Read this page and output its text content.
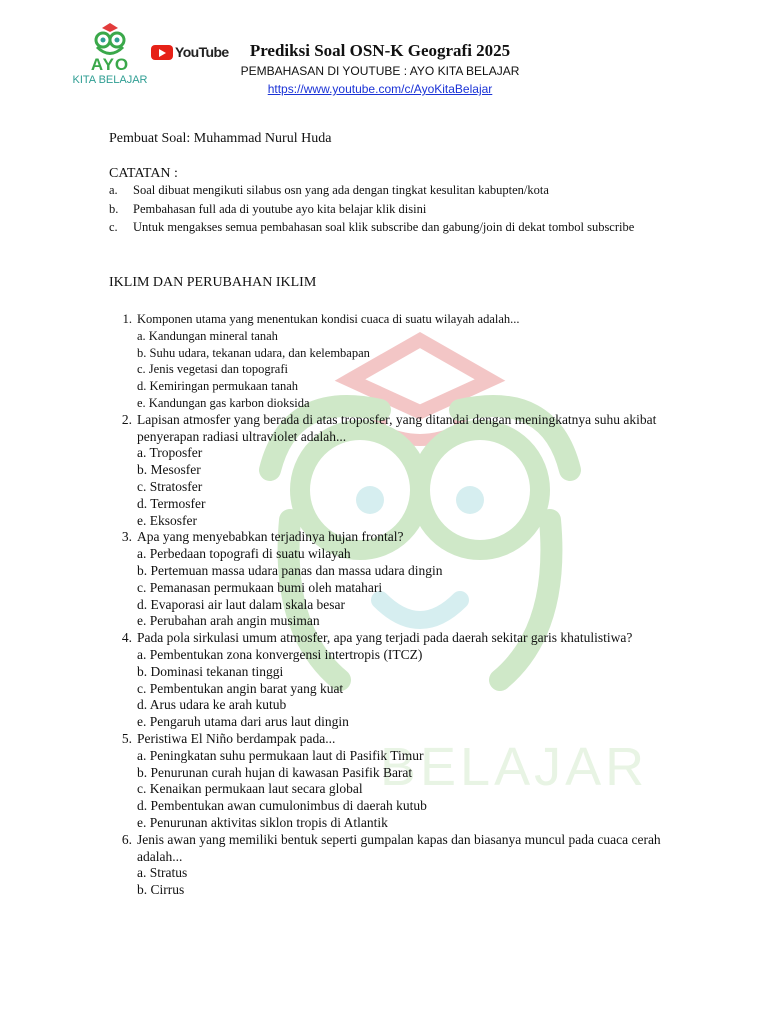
BELAJAR
AYO
KITA BELAJAR
YouTube	Prediksi Soal OSN-K Geografi 2025
PEMBAHASAN DI YOUTUBE : AYO KITA BELAJAR
https://www.youtube.com/c/AyoKitaBelajar
Pembuat Soal: Muhammad Nurul Huda
CATATAN :
a.	Soal dibuat mengikuti silabus osn yang ada dengan tingkat kesulitan kabupten/kota
b.	Pembahasan full ada di youtube ayo kita belajar klik disini
c.	Untuk mengakses semua pembahasan soal klik subscribe dan gabung/join di dekat tombol subscribe
IKLIM DAN PERUBAHAN IKLIM
1. Komponen utama yang menentukan kondisi cuaca di suatu wilayah adalah...
a. Kandungan mineral tanah
b. Suhu udara, tekanan udara, dan kelembapan
c. Jenis vegetasi dan topografi
d. Kemiringan permukaan tanah
e. Kandungan gas karbon dioksida
2. Lapisan atmosfer yang berada di atas troposfer, yang ditandai dengan meningkatnya suhu akibat penyerapan radiasi ultraviolet adalah...
a. Troposfer
b. Mesosfer
c. Stratosfer
d. Termosfer
e. Eksosfer
3. Apa yang menyebabkan terjadinya hujan frontal?
a. Perbedaan topografi di suatu wilayah
b. Pertemuan massa udara panas dan massa udara dingin
c. Pemanasan permukaan bumi oleh matahari
d. Evaporasi air laut dalam skala besar
e. Perubahan arah angin musiman
4. Pada pola sirkulasi umum atmosfer, apa yang terjadi pada daerah sekitar garis khatulistiwa?
a. Pembentukan zona konvergensi intertropis (ITCZ)
b. Dominasi tekanan tinggi
c. Pembentukan angin barat yang kuat
d. Arus udara ke arah kutub
e. Pengaruh utama dari arus laut dingin
5. Peristiwa El Niño berdampak pada...
a. Peningkatan suhu permukaan laut di Pasifik Timur
b. Penurunan curah hujan di kawasan Pasifik Barat
c. Kenaikan permukaan laut secara global
d. Pembentukan awan cumulonimbus di daerah kutub
e. Penurunan aktivitas siklon tropis di Atlantik
6. Jenis awan yang memiliki bentuk seperti gumpalan kapas dan biasanya muncul pada cuaca cerah adalah...
a. Stratus
b. Cirrus
